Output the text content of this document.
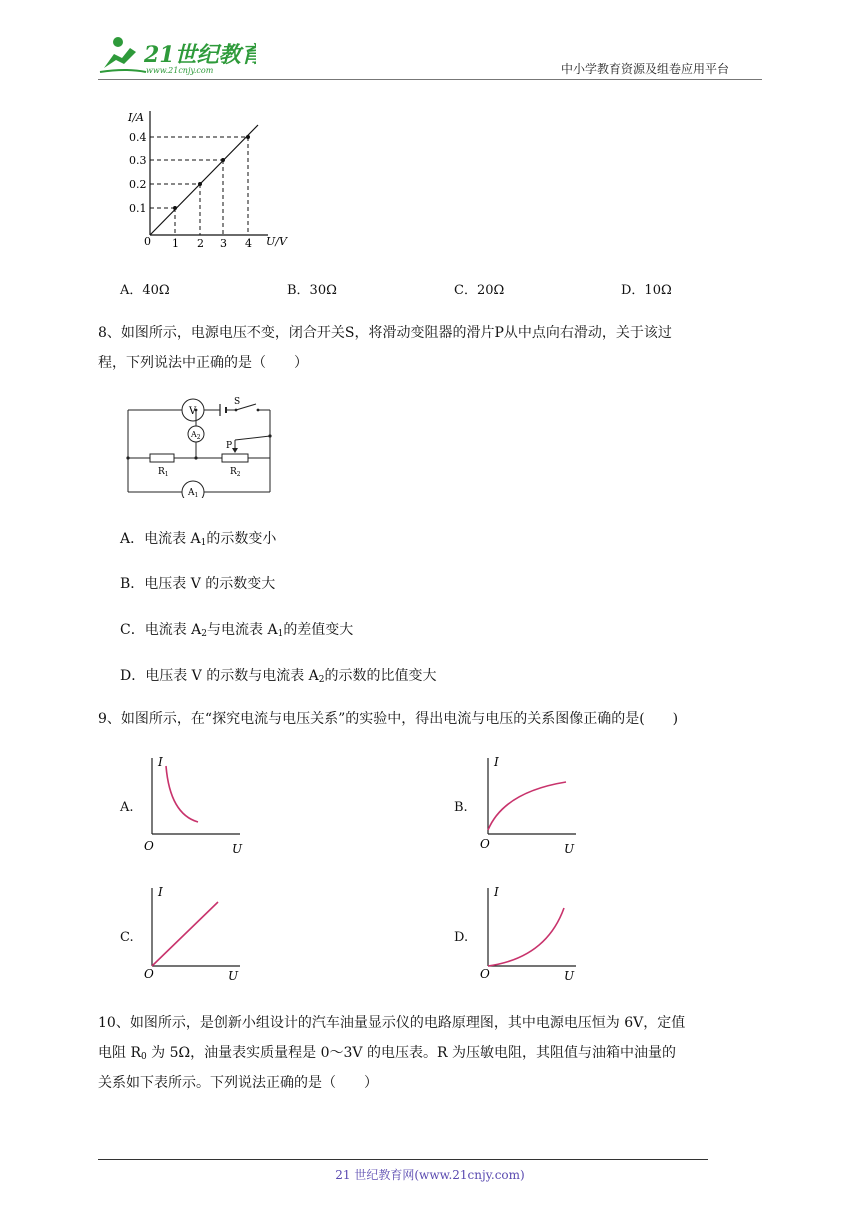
21世纪教育
www.21cnjy.com	中小学教育资源及组卷应用平台
I/A
U/V
0
0.1
0.2
0.3
0.4
1 2 3 4
A．40Ω	B．30Ω	C．20Ω	D．10Ω
8、如图所示，电源电压不变，闭合开关S，将滑动变阻器的滑片P从中点向右滑动，关于该过
程，下列说法中正确的是（　　）
V
S
$A_2$
$A_1$
P
$R_1$	$R_2$
A．电流表 $A_1$的示数变小
B．电压表 V 的示数变大
C．电流表 $A_2$与电流表 $A_1$的差值变大
D．电压表 V 的示数与电流表 $A_2$的示数的比值变大
9、如图所示，在“探究电流与电压关系”的实验中，得出电流与电压的关系图像正确的是(　　)
A.
I
U
O
B.
I
U
O
C.
I
U
O
D.
I
U
O
10、如图所示，是创新小组设计的汽车油量显示仪的电路原理图，其中电源电压恒为 6V，定值
电阻 $R_0$ 为 5Ω，油量表实质量程是 0～3V 的电压表。R 为压敏电阻，其阻值与油箱中油量的
关系如下表所示。下列说法正确的是（　　）
21 世纪教育网(www.21cnjy.com)
